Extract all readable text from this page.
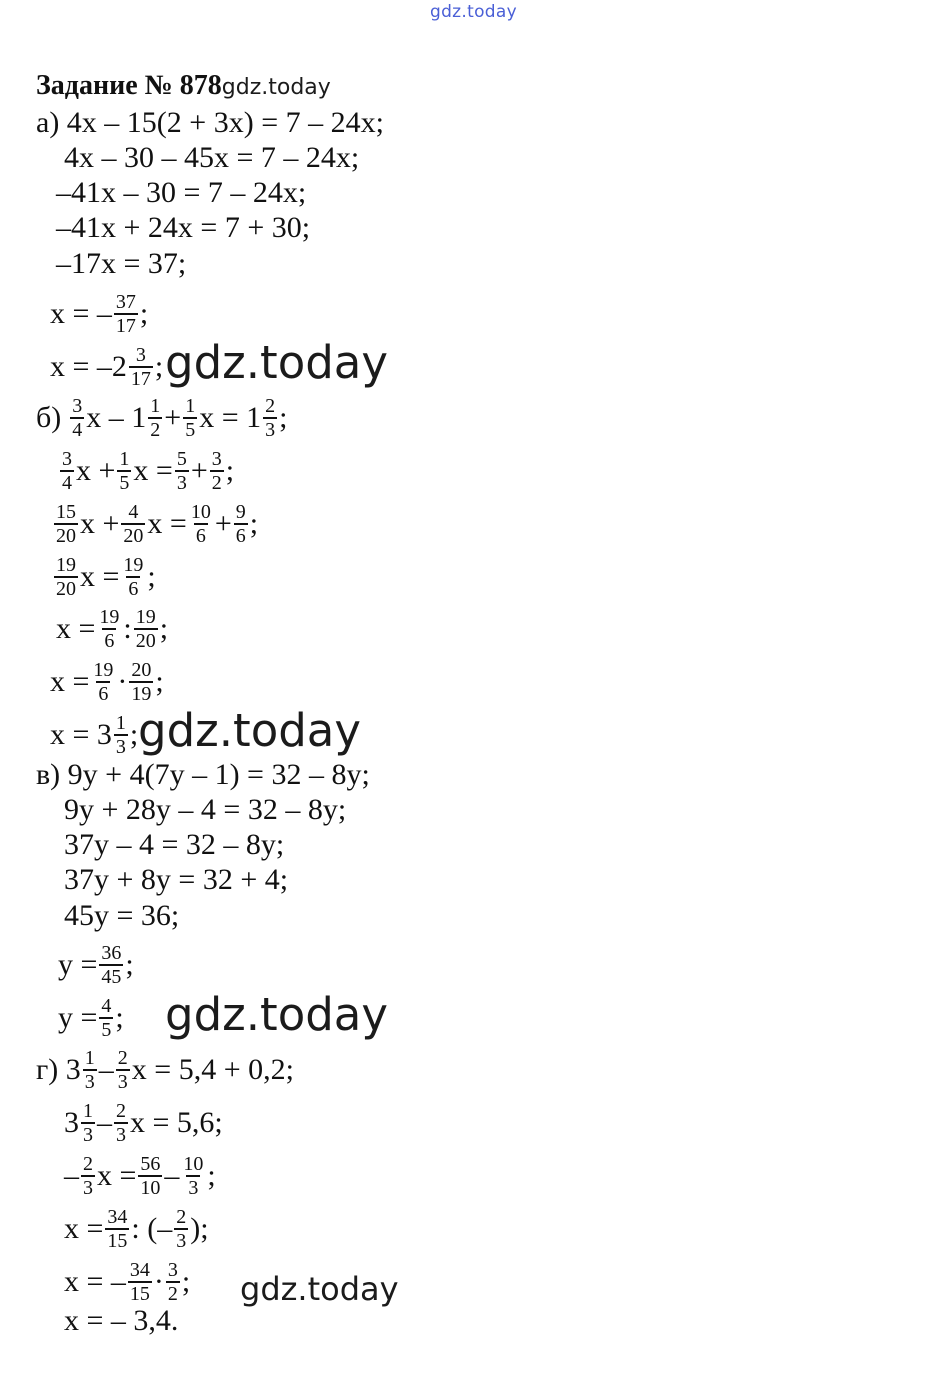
gdz.today
gdz.today
gdz.today
gdz.today
gdz.today
Задание № 878gdz.today
а) 4x – 15(2 + 3x) = 7 – 24x;
4x – 30 – 45x = 7 – 24x;
–41x – 30 = 7 – 24x;
–41x + 24x = 7 + 30;
–17x = 37;
x = – $\frac{37}{17}$ ;
$x = -2 \frac{3}{17}$ ;
$б) \frac{3}{4}$ $x - 1 \frac{1}{2} + \frac{1}{5}$ $x = 1 \frac{2}{3}$ ;
$\frac{3}{4}$ $x + \frac{1}{5}$ $x = \frac{5}{3} + \frac{3}{2}$ ;
$\frac{15}{20}$ $x + \frac{4}{20}$ $x = \frac{10}{6} + \frac{9}{6}$ ;
$\frac{19}{20}$ $x = \frac{19}{6}$ ;
$x = \frac{19}{6}$ : $\frac{19}{20}$ ;
$x = \frac{19}{6} \cdot \frac{20}{19}$ ;
$x = 3 \frac{1}{3}$ ;
в) 9y + 4(7y – 1) = 32 – 8y;
9y + 28y – 4 = 32 – 8y;
37y – 4 = 32 – 8y;
37y + 8y = 32 + 4;
45y = 36;
$y = \frac{36}{45}$ ;
$y = \frac{4}{5}$ ;
г) $3 \frac{1}{3} - \frac{2}{3}$ x = 5,4 + 0,2;
$3 \frac{1}{3} - \frac{2}{3}$ x = 5,6;
– $\frac{2}{3}$ $x = \frac{56}{10} - \frac{10}{3}$ ;
$x = \frac{34}{15}$ : (– $\frac{2}{3}$ );
x = – $\frac{34}{15} \cdot \frac{3}{2}$ ;
x = – 3,4.
